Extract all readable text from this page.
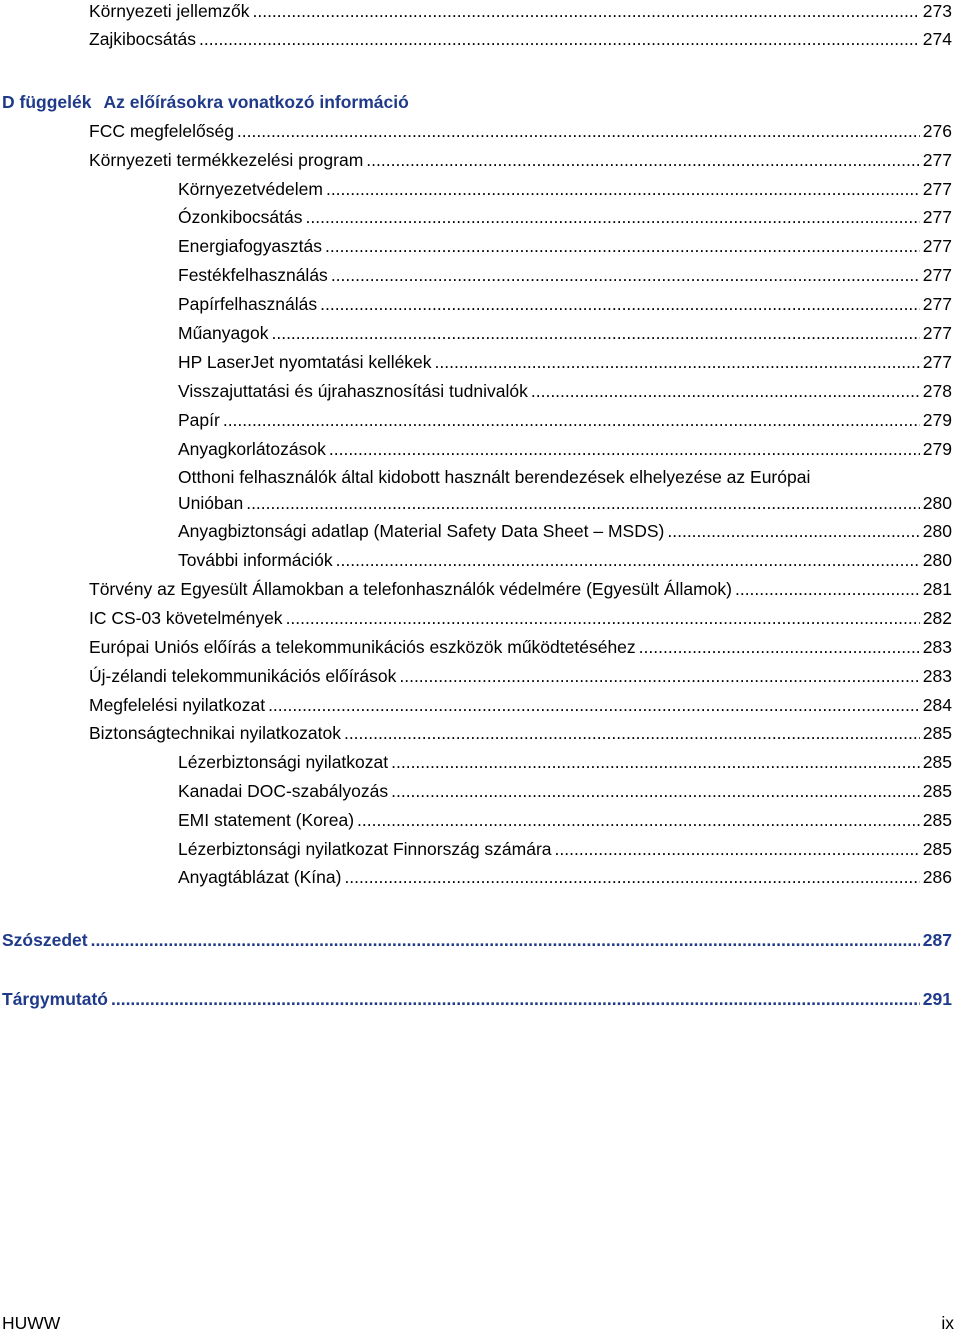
Környezeti jellemzők .....	273
Zajkibocsátás .....	274
D függelék Az előírásokra vonatkozó információ
FCC megfelelőség .....	276
Környezeti termékkezelési program .....	277
Környezetvédelem .....	277
Ózonkibocsátás .....	277
Energiafogyasztás .....	277
Festékfelhasználás .....	277
Papírfelhasználás .....	277
Műanyagok .....	277
HP LaserJet nyomtatási kellékek .....	277
Visszajuttatási és újrahasznosítási tudnivalók .....	278
Papír .....	279
Anyagkorlátozások .....	279
Otthoni felhasználók által kidobott használt berendezések elhelyezése az Európai
Unióban .....	280
Anyagbiztonsági adatlap (Material Safety Data Sheet – MSDS) .....	280
További információk .....	280
Törvény az Egyesült Államokban a telefonhasználók védelmére (Egyesült Államok) .....	281
IC CS-03 követelmények .....	282
Európai Uniós előírás a telekommunikációs eszközök működtetéséhez .....	283
Új-zélandi telekommunikációs előírások .....	283
Megfelelési nyilatkozat .....	284
Biztonságtechnikai nyilatkozatok .....	285
Lézerbiztonsági nyilatkozat .....	285
Kanadai DOC-szabályozás .....	285
EMI statement (Korea) .....	285
Lézerbiztonsági nyilatkozat Finnország számára .....	285
Anyagtáblázat (Kína) .....	286
Szószedet .....	287
Tárgymutató .....	291
HUWW	ix
